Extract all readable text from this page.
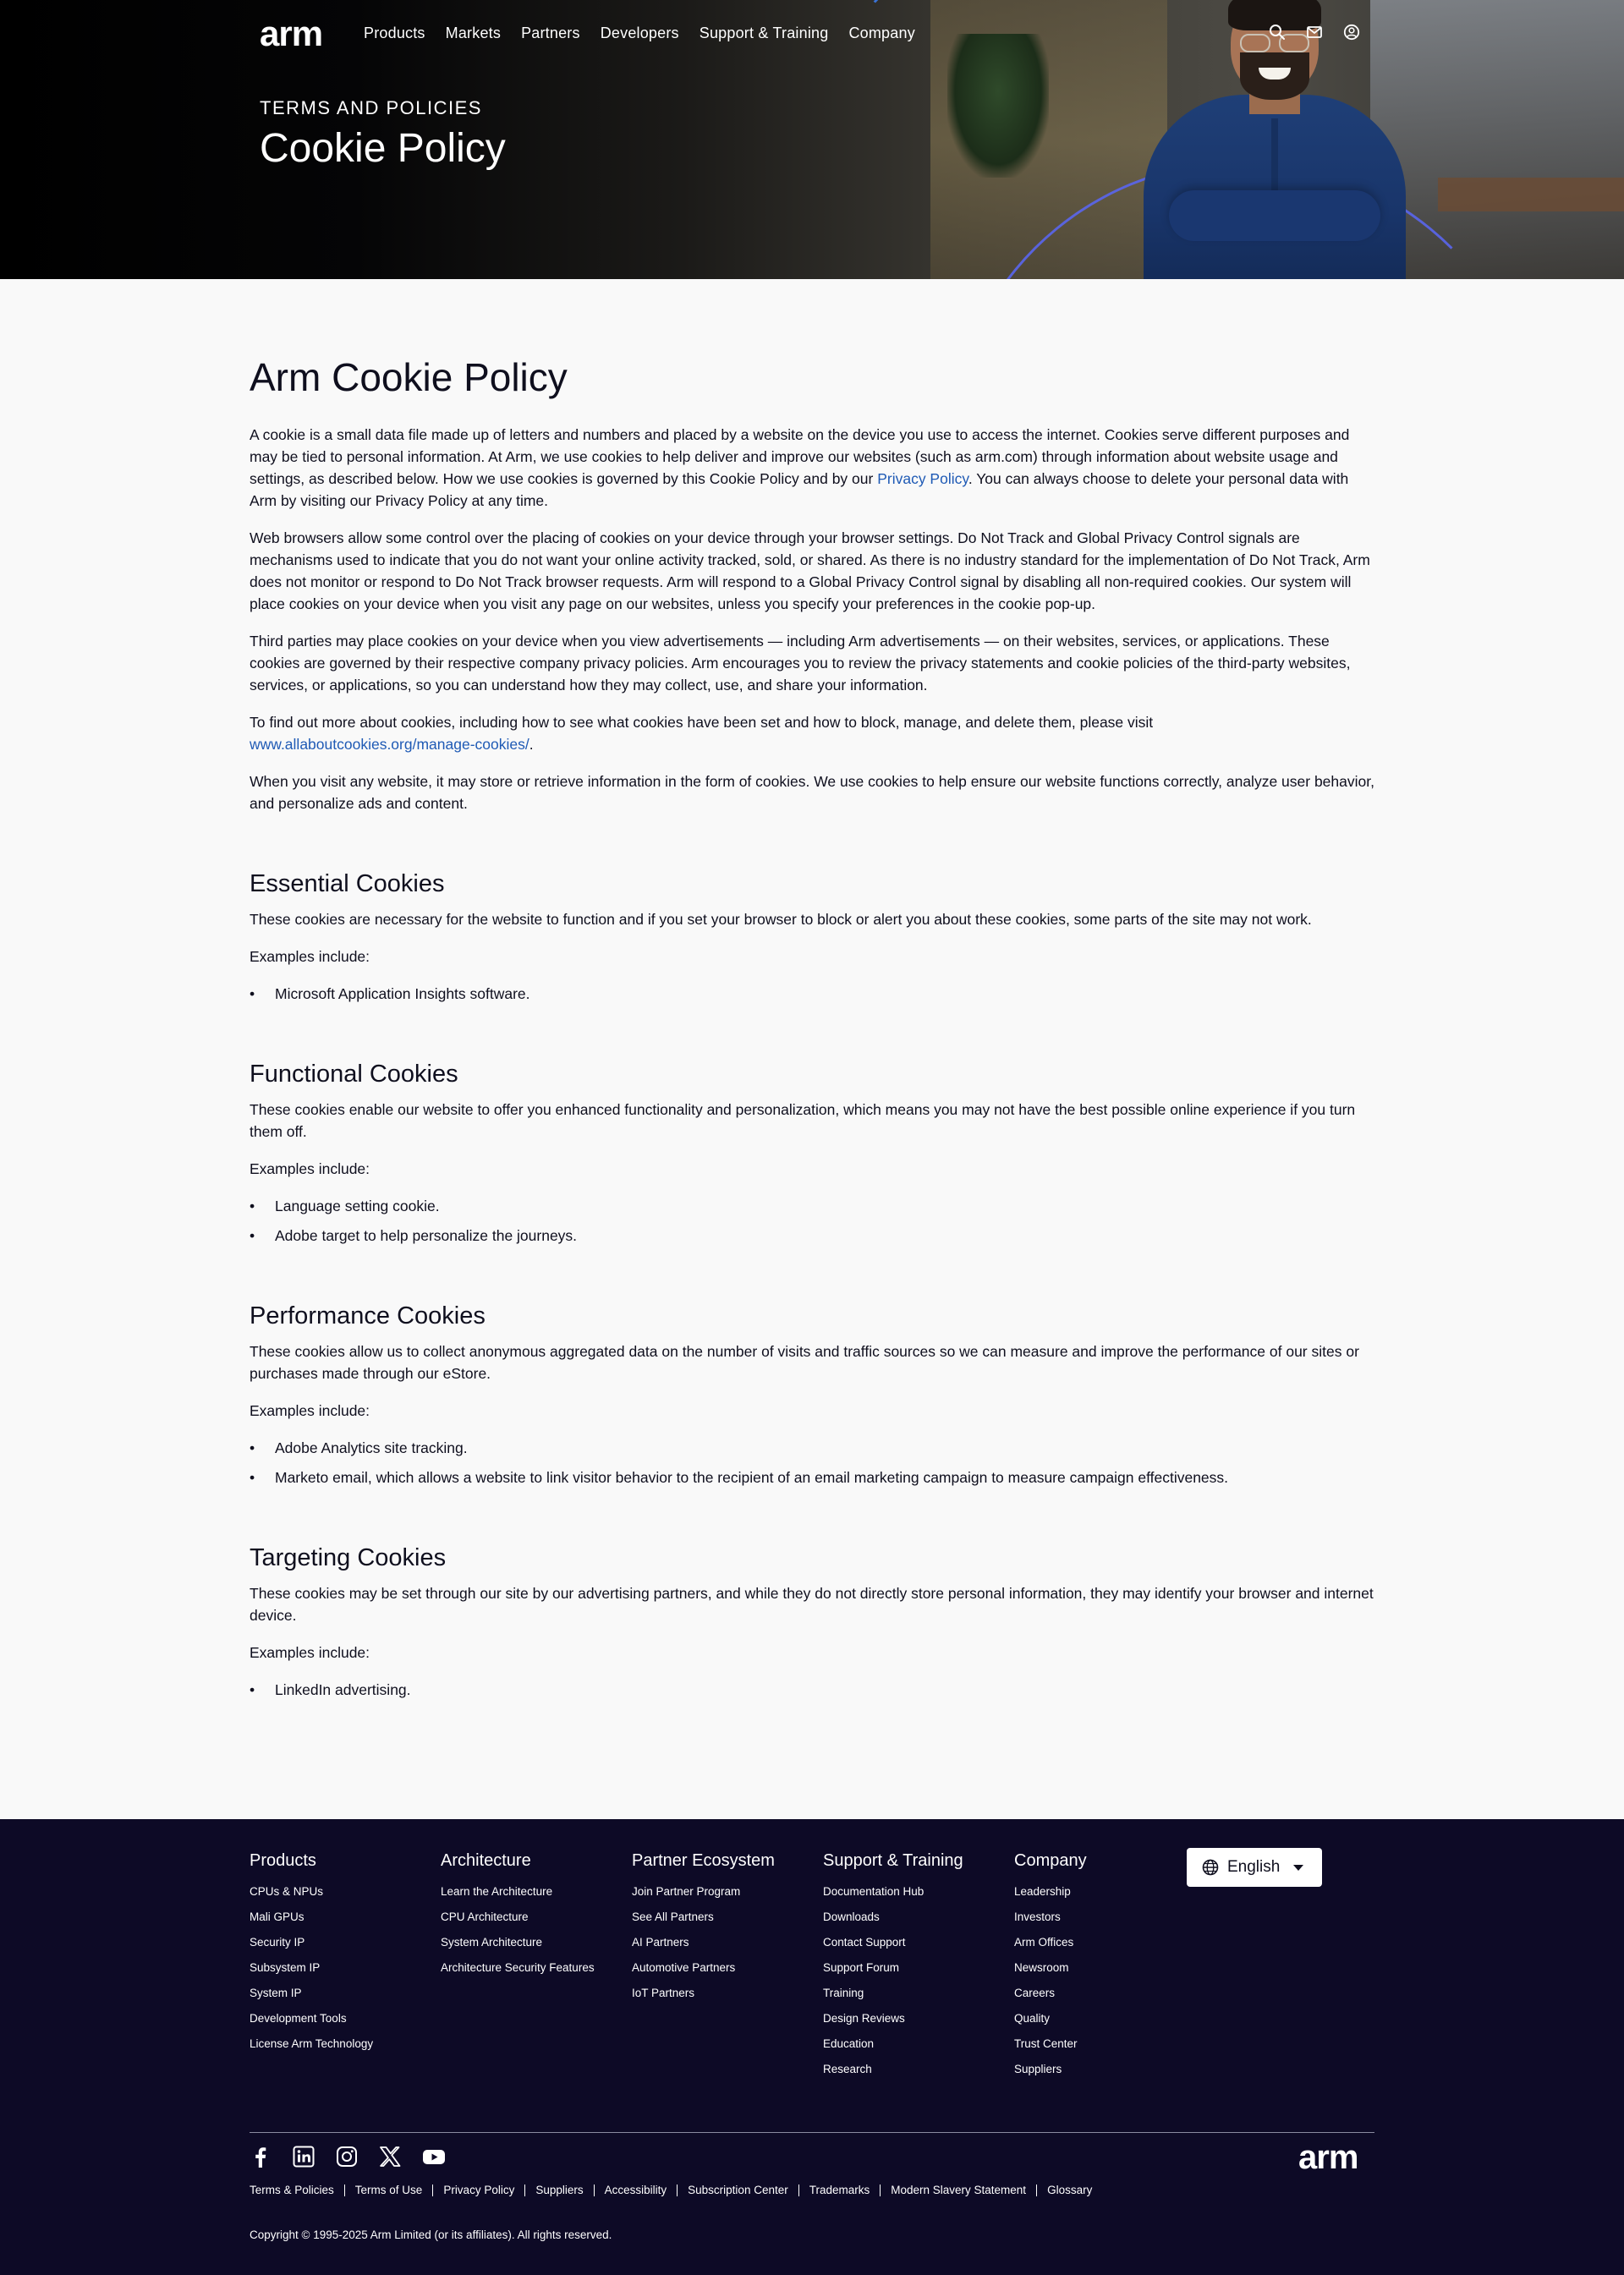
arm	Products Markets Partners Developers Support & Training Company
TERMS AND POLICIES
Cookie Policy
Arm Cookie Policy

A cookie is a small data file made up of letters and numbers and placed by a website on the device you use to access the internet. Cookies serve different purposes and may be tied to personal information. At Arm, we use cookies to help deliver and improve our websites (such as arm.com) through information about website usage and settings, as described below. How we use cookies is governed by this Cookie Policy and by our Privacy Policy. You can always choose to delete your personal data with Arm by visiting our Privacy Policy at any time.

Web browsers allow some control over the placing of cookies on your device through your browser settings. Do Not Track and Global Privacy Control signals are mechanisms used to indicate that you do not want your online activity tracked, sold, or shared. As there is no industry standard for the implementation of Do Not Track, Arm does not monitor or respond to Do Not Track browser requests. Arm will respond to a Global Privacy Control signal by disabling all non-required cookies. Our system will place cookies on your device when you visit any page on our websites, unless you specify your preferences in the cookie pop-up.

Third parties may place cookies on your device when you view advertisements — including Arm advertisements — on their websites, services, or applications. These cookies are governed by their respective company privacy policies. Arm encourages you to review the privacy statements and cookie policies of the third-party websites, services, or applications, so you can understand how they may collect, use, and share your information.

To find out more about cookies, including how to see what cookies have been set and how to block, manage, and delete them, please visit www.allaboutcookies.org/manage-cookies/.

When you visit any website, it may store or retrieve information in the form of cookies. We use cookies to help ensure our website functions correctly, analyze user behavior, and personalize ads and content.

Essential Cookies

These cookies are necessary for the website to function and if you set your browser to block or alert you about these cookies, some parts of the site may not work.

Examples include:

• Microsoft Application Insights software.
Functional Cookies

These cookies enable our website to offer you enhanced functionality and personalization, which means you may not have the best possible online experience if you turn them off.

Examples include:

• Language setting cookie.
• Adobe target to help personalize the journeys.
Performance Cookies

These cookies allow us to collect anonymous aggregated data on the number of visits and traffic sources so we can measure and improve the performance of our sites or purchases made through our eStore.

Examples include:

• Adobe Analytics site tracking.
• Marketo email, which allows a website to link visitor behavior to the recipient of an email marketing campaign to measure campaign effectiveness.
Targeting Cookies

These cookies may be set through our site by our advertising partners, and while they do not directly store personal information, they may identify your browser and internet device.

Examples include:

• LinkedIn advertising.
Products
CPUs & NPUs
Mali GPUs
Security IP
Subsystem IP
System IP
Development Tools
License Arm Technology
Architecture
Learn the Architecture
CPU Architecture
System Architecture
Architecture Security Features
Partner Ecosystem
Join Partner Program
See All Partners
AI Partners
Automotive Partners
IoT Partners
Support & Training
Documentation Hub
Downloads
Contact Support
Support Forum
Training
Design Reviews
Education
Research
Company
Leadership
Investors
Arm Offices
Newsroom
Careers
Quality
Trust Center
Suppliers
English
arm
Terms & Policies	Terms of Use	Privacy Policy	Suppliers	Accessibility	Subscription Center	Trademarks	Modern Slavery Statement	Glossary
Copyright © 1995-2025 Arm Limited (or its affiliates). All rights reserved.
